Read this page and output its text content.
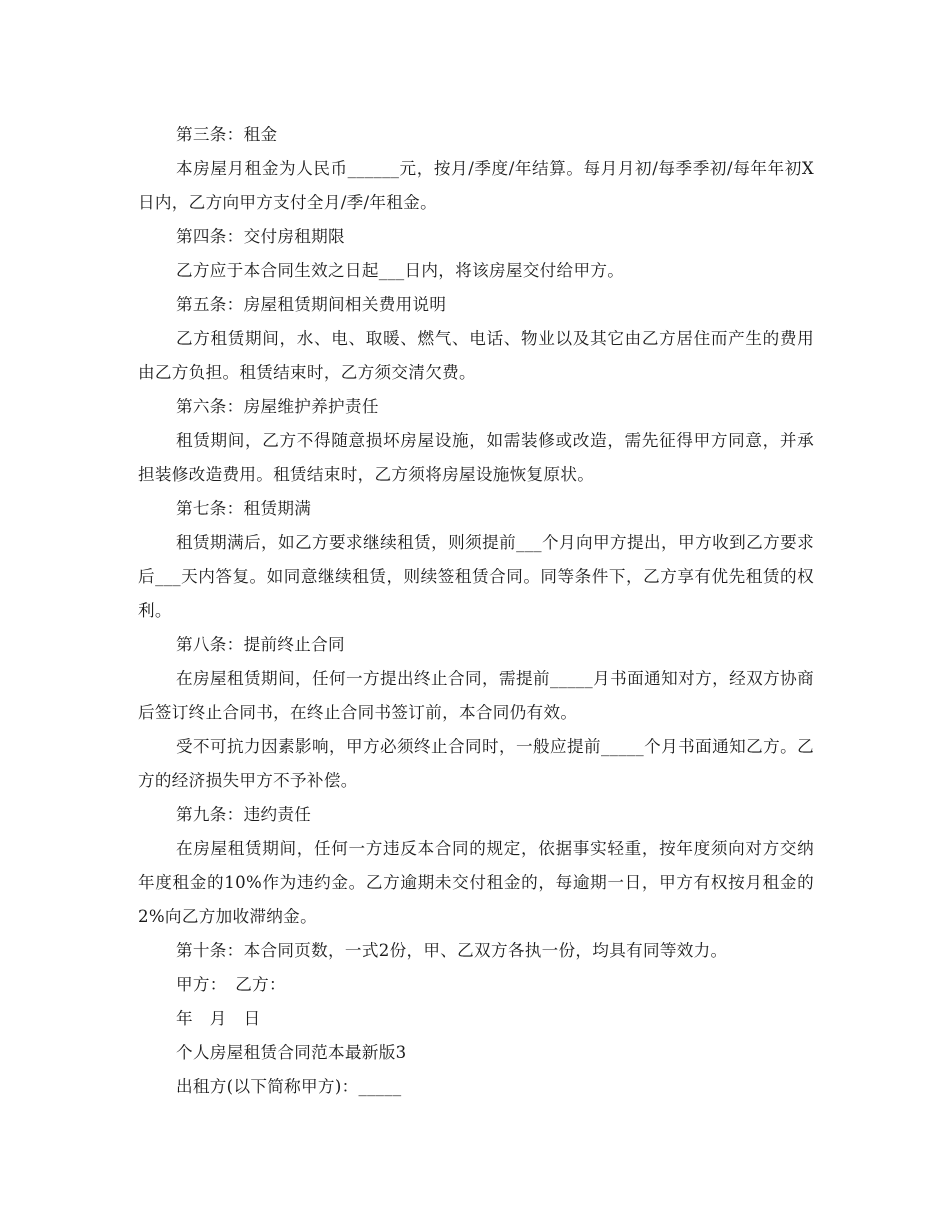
第三条：租金

本房屋月租金为人民币______元，按月/季度/年结算。每月月初/每季季初/每年年初X日内，乙方向甲方支付全月/季/年租金。

第四条：交付房租期限

乙方应于本合同生效之日起___日内，将该房屋交付给甲方。

第五条：房屋租赁期间相关费用说明

乙方租赁期间，水、电、取暖、燃气、电话、物业以及其它由乙方居住而产生的费用由乙方负担。租赁结束时，乙方须交清欠费。

第六条：房屋维护养护责任

租赁期间，乙方不得随意损坏房屋设施，如需装修或改造，需先征得甲方同意，并承担装修改造费用。租赁结束时，乙方须将房屋设施恢复原状。

第七条：租赁期满

租赁期满后，如乙方要求继续租赁，则须提前___个月向甲方提出，甲方收到乙方要求后___天内答复。如同意继续租赁，则续签租赁合同。同等条件下，乙方享有优先租赁的权利。

第八条：提前终止合同

在房屋租赁期间，任何一方提出终止合同，需提前_____月书面通知对方，经双方协商后签订终止合同书，在终止合同书签订前，本合同仍有效。

受不可抗力因素影响，甲方必须终止合同时，一般应提前_____个月书面通知乙方。乙方的经济损失甲方不予补偿。

第九条：违约责任

在房屋租赁期间，任何一方违反本合同的规定，依据事实轻重，按年度须向对方交纳年度租金的10%作为违约金。乙方逾期未交付租金的，每逾期一日，甲方有权按月租金的2%向乙方加收滞纳金。

第十条：本合同页数，一式2份，甲、乙双方各执一份，均具有同等效力。

甲方：　乙方：

年　月　日

个人房屋租赁合同范本最新版3

出租方(以下简称甲方)：_____
